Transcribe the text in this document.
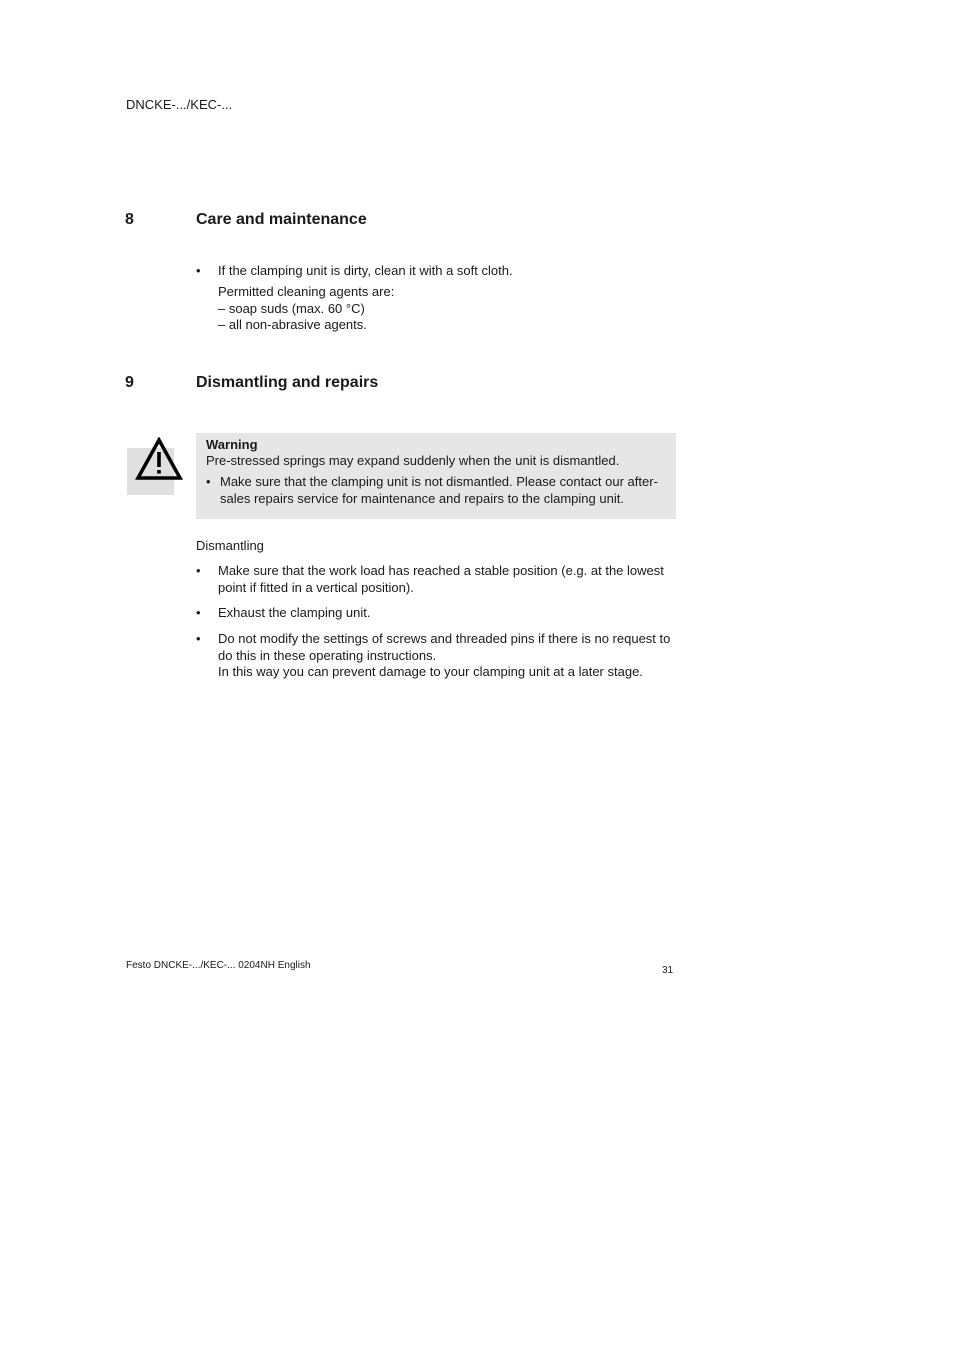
DNCKE-.../KEC-...
8	Care and maintenance
• If the clamping unit is dirty, clean it with a soft cloth.
Permitted cleaning agents are:
– soap suds (max. 60 °C)
– all non-abrasive agents.
9	Dismantling and repairs
Warning
Pre-stressed springs may expand suddenly when the unit is dismantled.
• Make sure that the clamping unit is not dismantled. Please contact our after-
sales repairs service for maintenance and repairs to the clamping unit.
Dismantling
• Make sure that the work load has reached a stable position (e.g. at the lowest
point if fitted in a vertical position).
• Exhaust the clamping unit.
• Do not modify the settings of screws and threaded pins if there is no request to
do this in these operating instructions.
In this way you can prevent damage to your clamping unit at a later stage.
Festo DNCKE-.../KEC-... 0204NH English	31
